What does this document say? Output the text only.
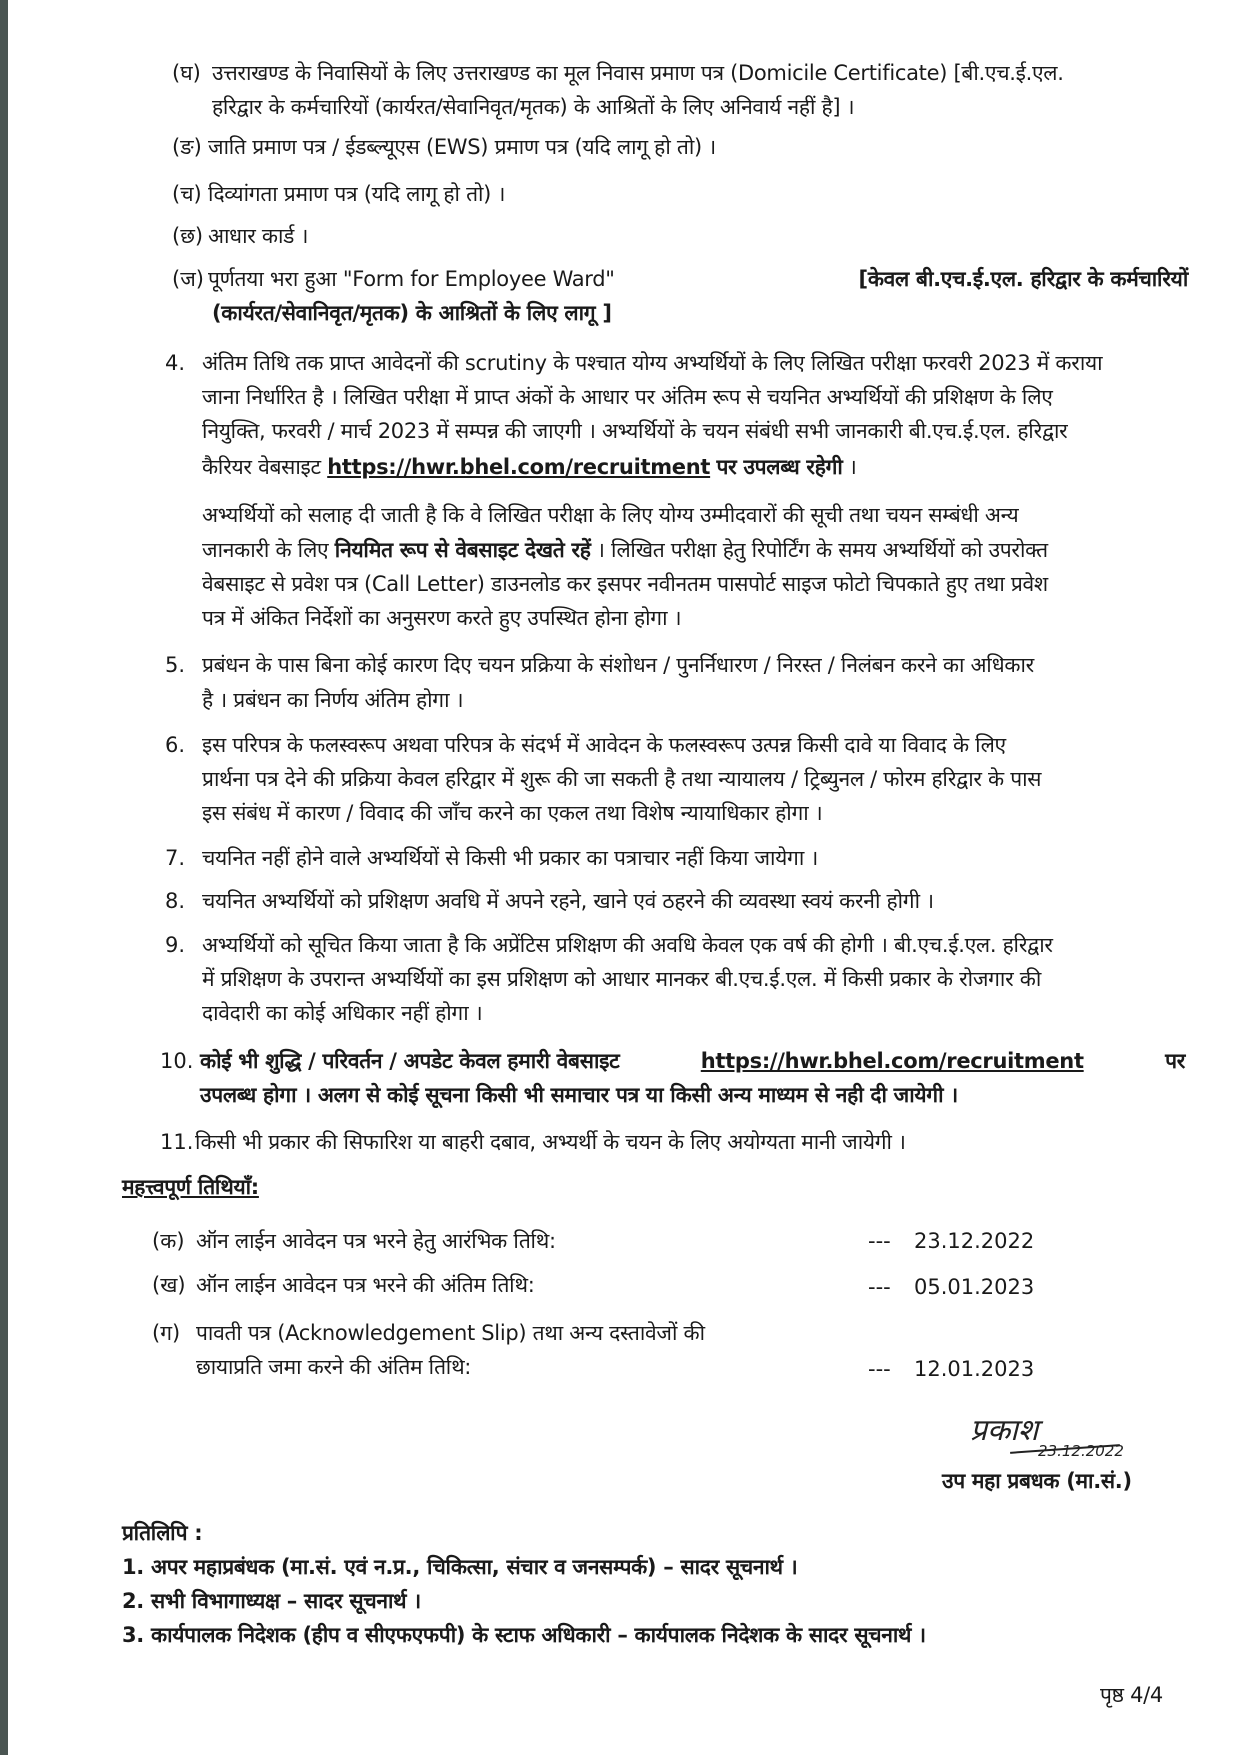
(घ) उत्तराखण्ड के निवासियों के लिए उत्तराखण्ड का मूल निवास प्रमाण पत्र (Domicile Certificate) [बी.एच.ई.एल.
हरिद्वार के कर्मचारियों (कार्यरत/सेवानिवृत/मृतक) के आश्रितों के लिए अनिवार्य नहीं है] ।
(ङ) जाति प्रमाण पत्र / ईडब्ल्यूएस (EWS) प्रमाण पत्र (यदि लागू हो तो) ।
(च) दिव्यांगता प्रमाण पत्र (यदि लागू हो तो) ।
(छ) आधार कार्ड ।
(ज) पूर्णतया भरा हुआ "Form for Employee Ward"	[केवल बी.एच.ई.एल. हरिद्वार के कर्मचारियों
(कार्यरत/सेवानिवृत/मृतक) के आश्रितों के लिए लागू ]
4. अंतिम तिथि तक प्राप्त आवेदनों की scrutiny के पश्चात योग्य अभ्यर्थियों के लिए लिखित परीक्षा फरवरी 2023 में कराया
जाना निर्धारित है । लिखित परीक्षा में प्राप्त अंकों के आधार पर अंतिम रूप से चयनित अभ्यर्थियों की प्रशिक्षण के लिए
नियुक्ति, फरवरी / मार्च 2023 में सम्पन्न की जाएगी । अभ्यर्थियों के चयन संबंधी सभी जानकारी बी.एच.ई.एल. हरिद्वार
कैरियर वेबसाइट https://hwr.bhel.com/recruitment पर उपलब्ध रहेगी ।
अभ्यर्थियों को सलाह दी जाती है कि वे लिखित परीक्षा के लिए योग्य उम्मीदवारों की सूची तथा चयन सम्बंधी अन्य
जानकारी के लिए नियमित रूप से वेबसाइट देखते रहें । लिखित परीक्षा हेतु रिपोर्टिंग के समय अभ्यर्थियों को उपरोक्त
वेबसाइट से प्रवेश पत्र (Call Letter) डाउनलोड कर इसपर नवीनतम पासपोर्ट साइज फोटो चिपकाते हुए तथा प्रवेश
पत्र में अंकित निर्देशों का अनुसरण करते हुए उपस्थित होना होगा ।
5. प्रबंधन के पास बिना कोई कारण दिए चयन प्रक्रिया के संशोधन / पुनर्निधारण / निरस्त / निलंबन करने का अधिकार
है । प्रबंधन का निर्णय अंतिम होगा ।
6. इस परिपत्र के फलस्वरूप अथवा परिपत्र के संदर्भ में आवेदन के फलस्वरूप उत्पन्न किसी दावे या विवाद के लिए
प्रार्थना पत्र देने की प्रक्रिया केवल हरिद्वार में शुरू की जा सकती है तथा न्यायालय / ट्रिब्युनल / फोरम हरिद्वार के पास
इस संबंध में कारण / विवाद की जाँच करने का एकल तथा विशेष न्यायाधिकार होगा ।
7. चयनित नहीं होने वाले अभ्यर्थियों से किसी भी प्रकार का पत्राचार नहीं किया जायेगा ।
8. चयनित अभ्यर्थियों को प्रशिक्षण अवधि में अपने रहने, खाने एवं ठहरने की व्यवस्था स्वयं करनी होगी ।
9. अभ्यर्थियों को सूचित किया जाता है कि अप्रेंटिस प्रशिक्षण की अवधि केवल एक वर्ष की होगी । बी.एच.ई.एल. हरिद्वार
में प्रशिक्षण के उपरान्त अभ्यर्थियों का इस प्रशिक्षण को आधार मानकर बी.एच.ई.एल. में किसी प्रकार के रोजगार की
दावेदारी का कोई अधिकार नहीं होगा ।
10. कोई भी शुद्धि / परिवर्तन / अपडेट केवल हमारी वेबसाइट	https://hwr.bhel.com/recruitment	पर
उपलब्ध होगा । अलग से कोई सूचना किसी भी समाचार पत्र या किसी अन्य माध्यम से नही दी जायेगी ।
11. किसी भी प्रकार की सिफारिश या बाहरी दबाव, अभ्यर्थी के चयन के लिए अयोग्यता मानी जायेगी ।
महत्त्वपूर्ण तिथियाँ:
(क) ऑन लाईन आवेदन पत्र भरने हेतु आरंभिक तिथि:	--- 23.12.2022
(ख) ऑन लाईन आवेदन पत्र भरने की अंतिम तिथि:	--- 05.01.2023
(ग) पावती पत्र (Acknowledgement Slip) तथा अन्य दस्तावेजों की
छायाप्रति जमा करने की अंतिम तिथि:	--- 12.01.2023
प्रकाश
23.12.2022
उप महा प्रबधक (मा.सं.)
प्रतिलिपि :
1. अपर महाप्रबंधक (मा.सं. एवं न.प्र., चिकित्सा, संचार व जनसम्पर्क) – सादर सूचनार्थ ।
2. सभी विभागाध्यक्ष – सादर सूचनार्थ ।
3. कार्यपालक निदेशक (हीप व सीएफएफपी) के स्टाफ अधिकारी – कार्यपालक निदेशक के सादर सूचनार्थ ।
पृष्ठ 4/4
